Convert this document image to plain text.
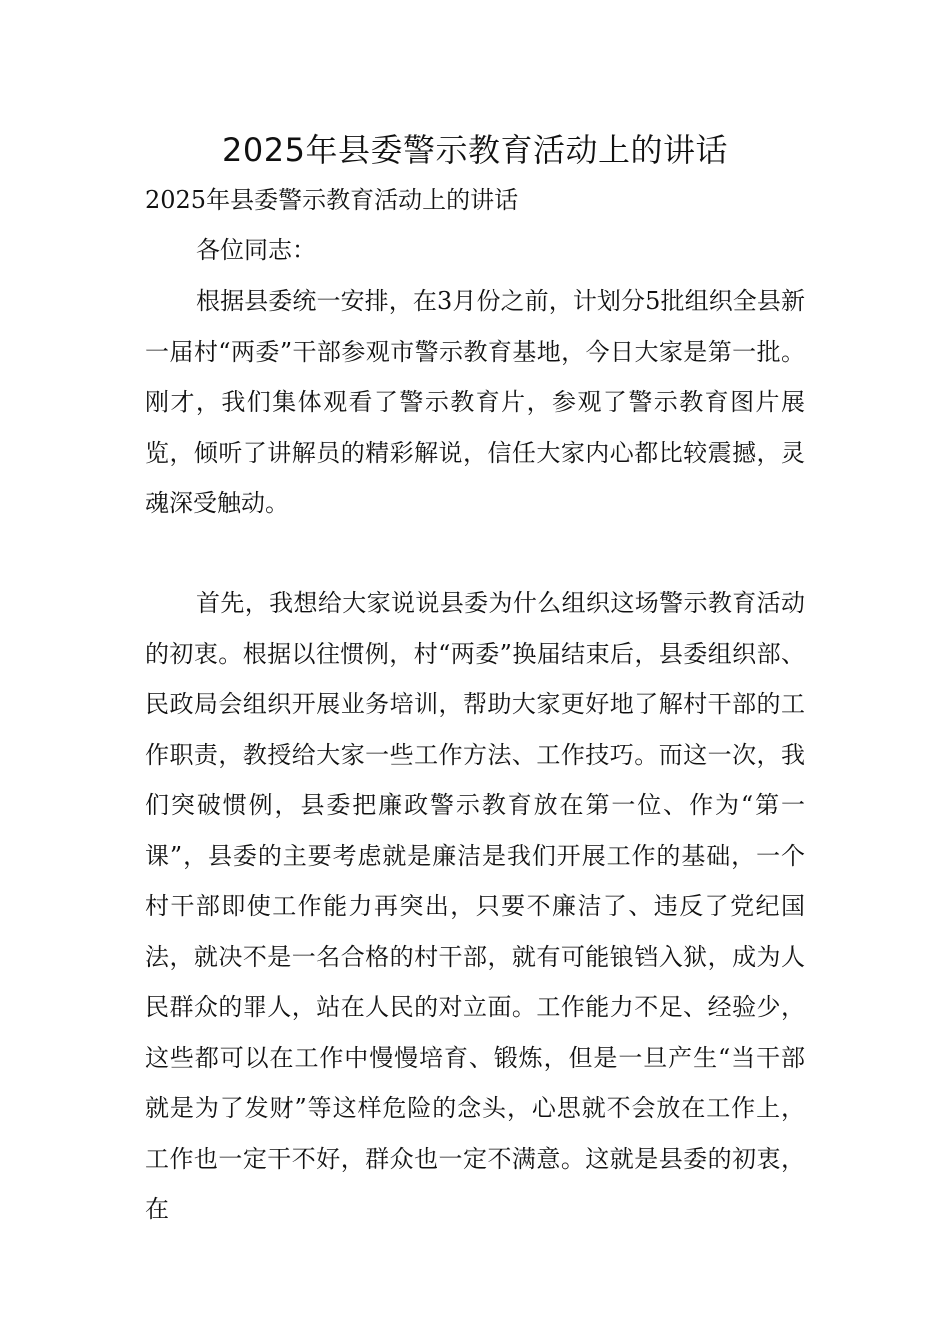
2025年县委警示教育活动上的讲话

2025年县委警示教育活动上的讲话

各位同志：

根据县委统一安排，在3月份之前，计划分5批组织全县新一届村“两委”干部参观市警示教育基地，今日大家是第一批。刚才，我们集体观看了警示教育片，参观了警示教育图片展览，倾听了讲解员的精彩解说，信任大家内心都比较震撼，灵魂深受触动。

首先，我想给大家说说县委为什么组织这场警示教育活动的初衷。根据以往惯例，村“两委”换届结束后，县委组织部、民政局会组织开展业务培训，帮助大家更好地了解村干部的工作职责，教授给大家一些工作方法、工作技巧。而这一次，我们突破惯例，县委把廉政警示教育放在第一位、作为“第一课”，县委的主要考虑就是廉洁是我们开展工作的基础，一个村干部即使工作能力再突出，只要不廉洁了、违反了党纪国法，就决不是一名合格的村干部，就有可能锒铛入狱，成为人民群众的罪人，站在人民的对立面。工作能力不足、经验少，这些都可以在工作中慢慢培育、锻炼，但是一旦产生“当干部就是为了发财”等这样危险的念头，心思就不会放在工作上，工作也一定干不好，群众也一定不满意。这就是县委的初衷，在
